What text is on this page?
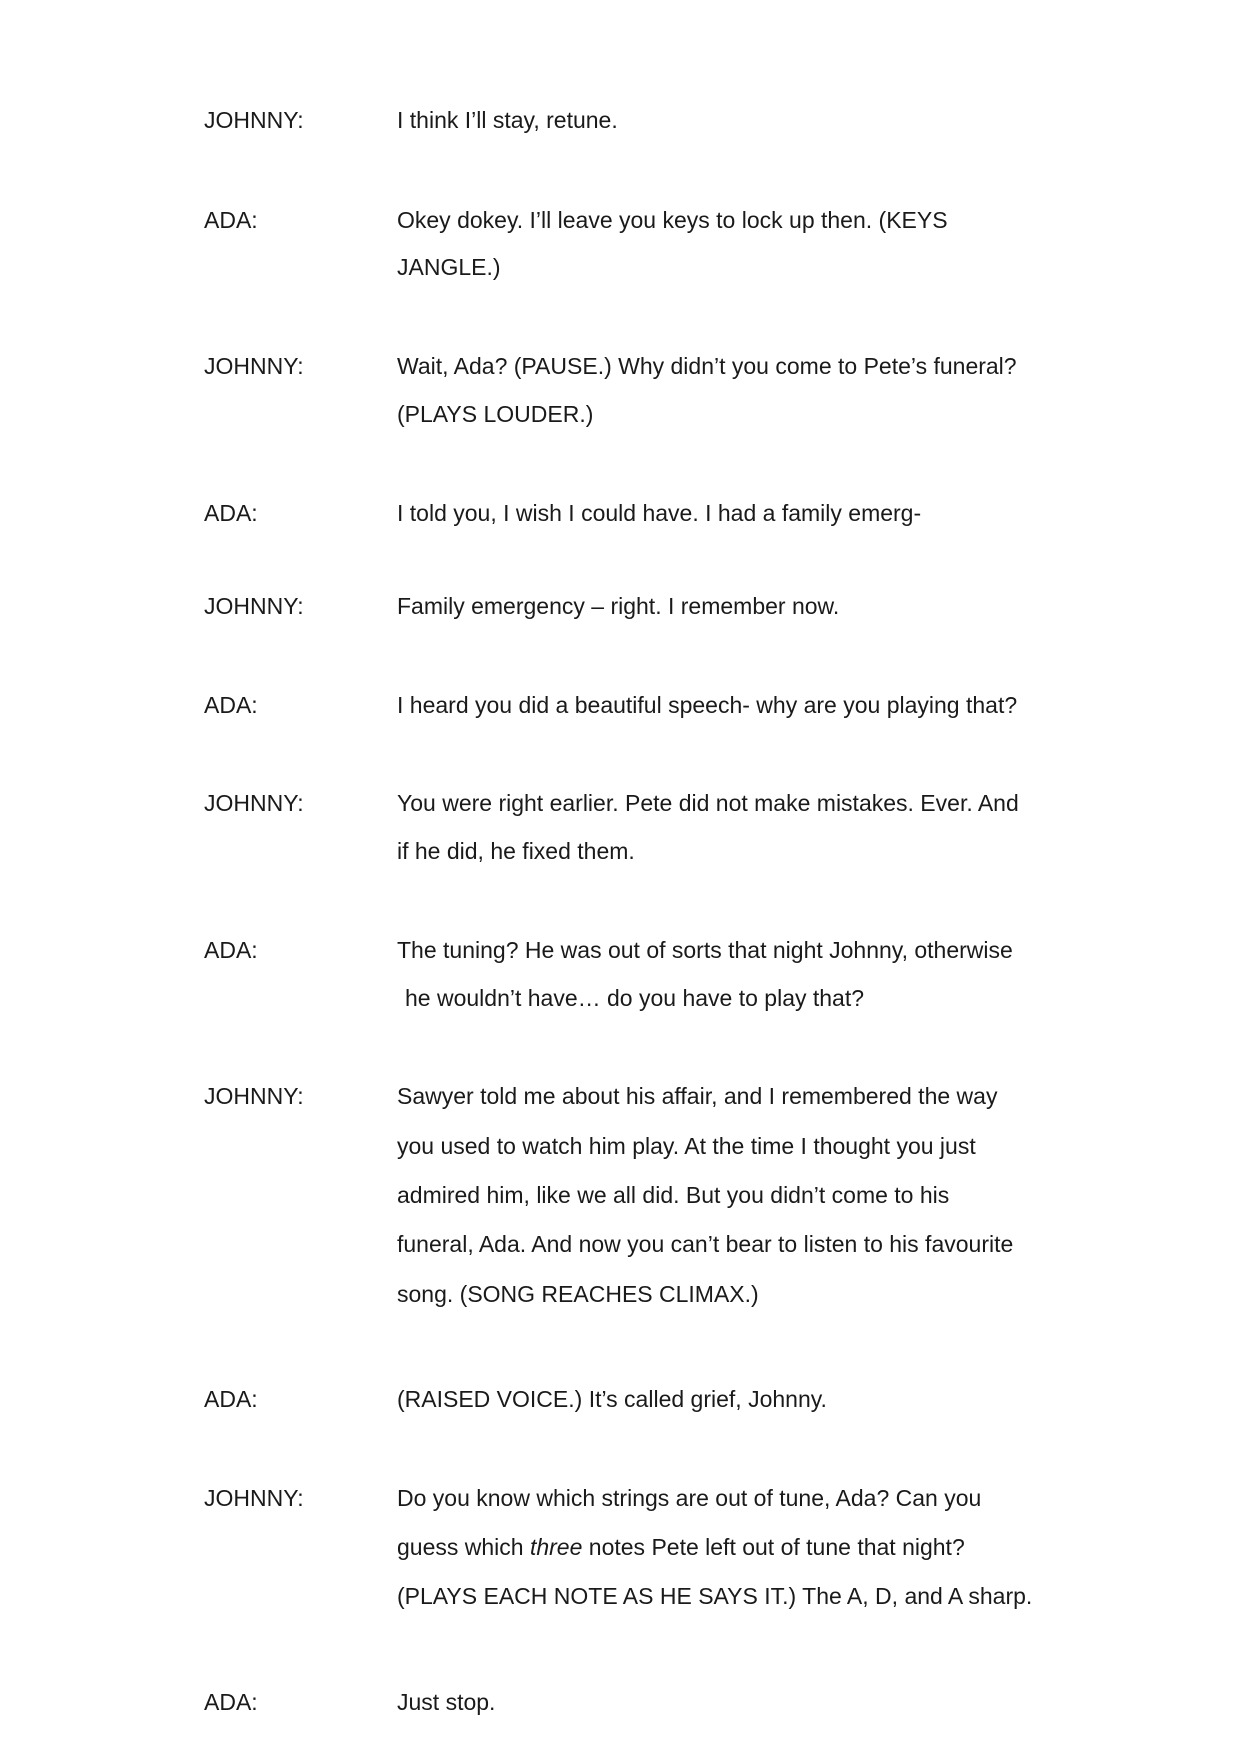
JOHNNY:	I think I’ll stay, retune.
ADA:	Okey dokey. I’ll leave you keys to lock up then. (KEYS
JANGLE.)
JOHNNY:	Wait, Ada? (PAUSE.) Why didn’t you come to Pete’s funeral?
(PLAYS LOUDER.)
ADA:	I told you, I wish I could have. I had a family emerg-
JOHNNY:	Family emergency – right. I remember now.
ADA:	I heard you did a beautiful speech- why are you playing that?
JOHNNY:	You were right earlier. Pete did not make mistakes. Ever. And
if he did, he fixed them.
ADA:	The tuning? He was out of sorts that night Johnny, otherwise
he wouldn’t have… do you have to play that?
JOHNNY:	Sawyer told me about his affair, and I remembered the way
you used to watch him play. At the time I thought you just
admired him, like we all did. But you didn’t come to his
funeral, Ada. And now you can’t bear to listen to his favourite
song. (SONG REACHES CLIMAX.)
ADA:	(RAISED VOICE.) It’s called grief, Johnny.
JOHNNY:	Do you know which strings are out of tune, Ada? Can you
guess which three notes Pete left out of tune that night?
(PLAYS EACH NOTE AS HE SAYS IT.) The A, D, and A sharp.
ADA:	Just stop.
